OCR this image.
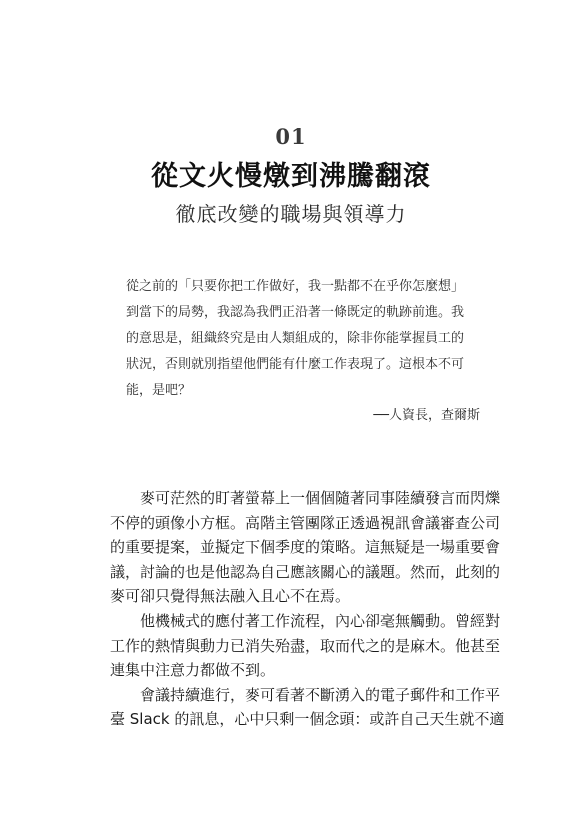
01
從文火慢燉到沸騰翻滾
徹底改變的職場與領導力
從之前的「只要你把工作做好，我一點都不在乎你怎麼想」
到當下的局勢，我認為我們正沿著一條既定的軌跡前進。我
的意思是，組織終究是由人類組成的，除非你能掌握員工的
狀況，否則就別指望他們能有什麼工作表現了。這根本不可
能，是吧？
──人資長，查爾斯
麥可茫然的盯著螢幕上一個個隨著同事陸續發言而閃爍
不停的頭像小方框。高階主管團隊正透過視訊會議審查公司
的重要提案，並擬定下個季度的策略。這無疑是一場重要會
議，討論的也是他認為自己應該關心的議題。然而，此刻的
麥可卻只覺得無法融入且心不在焉。
他機械式的應付著工作流程，內心卻毫無觸動。曾經對
工作的熱情與動力已消失殆盡，取而代之的是麻木。他甚至
連集中注意力都做不到。
會議持續進行，麥可看著不斷湧入的電子郵件和工作平
臺 Slack 的訊息，心中只剩一個念頭：或許自己天生就不適
